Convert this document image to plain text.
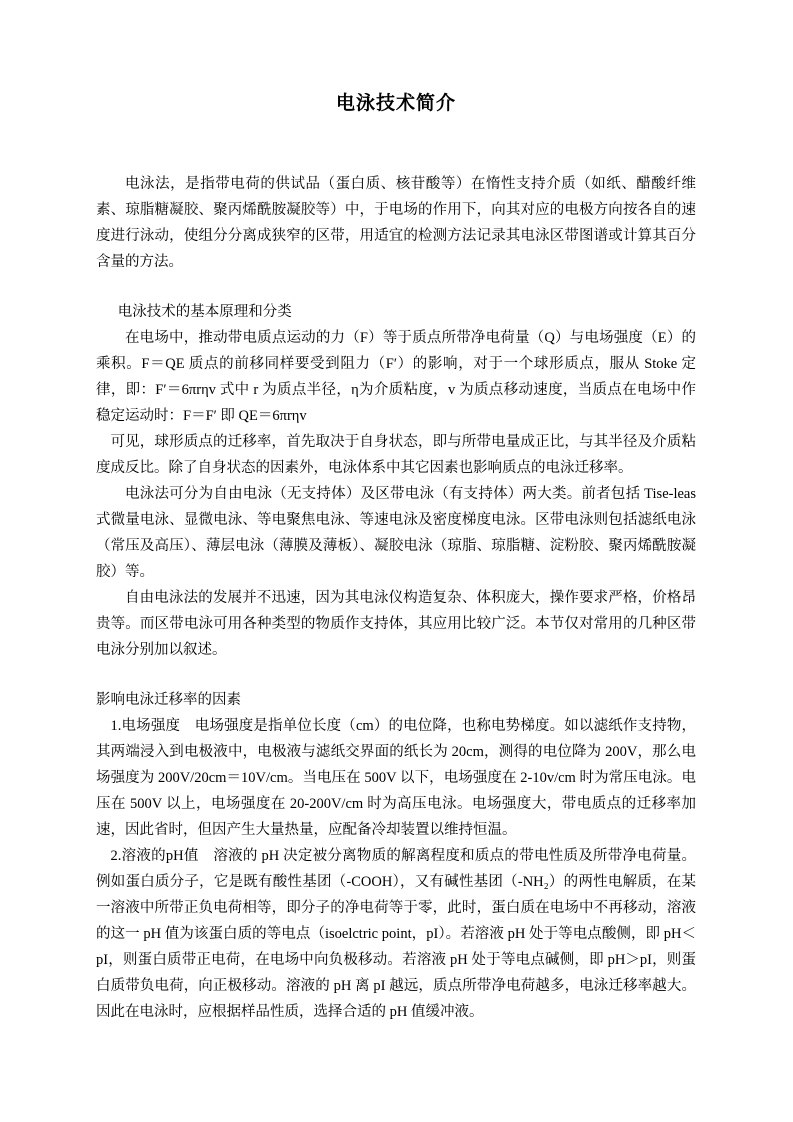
电泳技术简介

电泳法，是指带电荷的供试品（蛋白质、核苷酸等）在惰性支持介质（如纸、醋酸纤维素、琼脂糖凝胶、聚丙烯酰胺凝胶等）中，于电场的作用下，向其对应的电极方向按各自的速度进行泳动，使组分分离成狭窄的区带，用适宜的检测方法记录其电泳区带图谱或计算其百分含量的方法。

电泳技术的基本原理和分类

在电场中，推动带电质点运动的力（F）等于质点所带净电荷量（Q）与电场强度（E）的乘积。F＝QE 质点的前移同样要受到阻力（F′）的影响，对于一个球形质点，服从 Stoke 定律，即：F′＝6πrηv 式中 r 为质点半径，η为介质粘度，v 为质点移动速度，当质点在电场中作稳定运动时：F＝F′ 即 QE＝6πrηv

可见，球形质点的迁移率，首先取决于自身状态，即与所带电量成正比，与其半径及介质粘度成反比。除了自身状态的因素外，电泳体系中其它因素也影响质点的电泳迁移率。

电泳法可分为自由电泳（无支持体）及区带电泳（有支持体）两大类。前者包括 Tise-leas 式微量电泳、显微电泳、等电聚焦电泳、等速电泳及密度梯度电泳。区带电泳则包括滤纸电泳（常压及高压）、薄层电泳（薄膜及薄板）、凝胶电泳（琼脂、琼脂糖、淀粉胶、聚丙烯酰胺凝胶）等。

自由电泳法的发展并不迅速，因为其电泳仪构造复杂、体积庞大，操作要求严格，价格昂贵等。而区带电泳可用各种类型的物质作支持体，其应用比较广泛。本节仅对常用的几种区带电泳分别加以叙述。

影响电泳迁移率的因素

1.电场强度　电场强度是指单位长度（cm）的电位降，也称电势梯度。如以滤纸作支持物，其两端浸入到电极液中，电极液与滤纸交界面的纸长为 20cm，测得的电位降为 200V，那么电场强度为 200V/20cm＝10V/cm。当电压在 500V 以下，电场强度在 2-10v/cm 时为常压电泳。电压在 500V 以上，电场强度在 20-200V/cm 时为高压电泳。电场强度大，带电质点的迁移率加速，因此省时，但因产生大量热量，应配备冷却装置以维持恒温。

2.溶液的pH值　溶液的 pH 决定被分离物质的解离程度和质点的带电性质及所带净电荷量。例如蛋白质分子，它是既有酸性基团（-COOH），又有碱性基团（-NH₂）的两性电解质，在某一溶液中所带正负电荷相等，即分子的净电荷等于零，此时，蛋白质在电场中不再移动，溶液的这一 pH 值为该蛋白质的等电点（isoelctric point，pI）。若溶液 pH 处于等电点酸侧，即 pH＜pI，则蛋白质带正电荷，在电场中向负极移动。若溶液 pH 处于等电点碱侧，即 pH＞pI，则蛋白质带负电荷，向正极移动。溶液的 pH 离 pI 越远，质点所带净电荷越多，电泳迁移率越大。因此在电泳时，应根据样品性质，选择合适的 pH 值缓冲液。
